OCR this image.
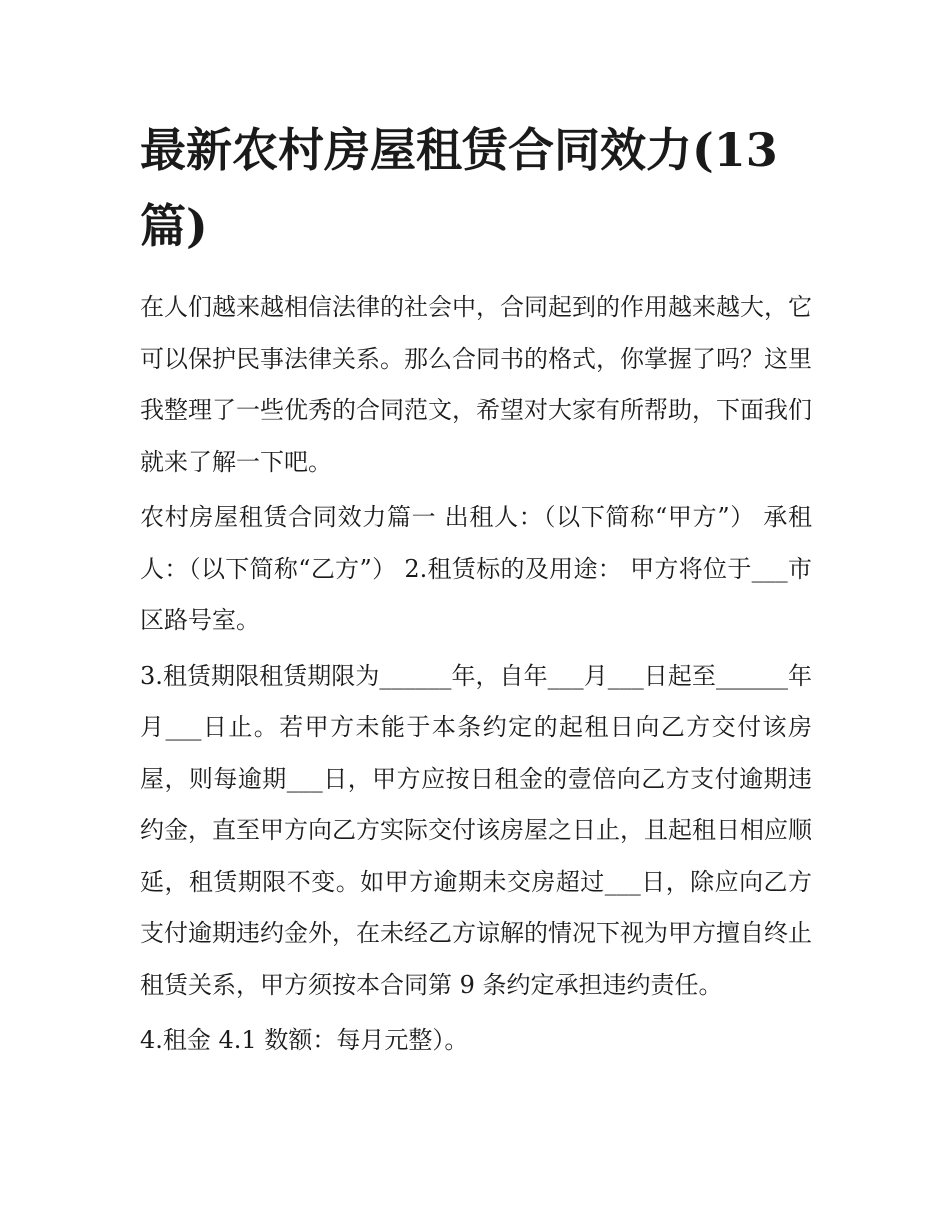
最新农村房屋租赁合同效力(13篇)

在人们越来越相信法律的社会中，合同起到的作用越来越大，它可以保护民事法律关系。那么合同书的格式，你掌握了吗？这里我整理了一些优秀的合同范文，希望对大家有所帮助，下面我们就来了解一下吧。

农村房屋租赁合同效力篇一 出租人：（以下简称“甲方”） 承租人：（以下简称“乙方”） 2.租赁标的及用途： 甲方将位于___市区路号室。

3.租赁期限租赁期限为______年，自年___月___日起至______年月___日止。若甲方未能于本条约定的起租日向乙方交付该房屋，则每逾期___日，甲方应按日租金的壹倍向乙方支付逾期违约金，直至甲方向乙方实际交付该房屋之日止，且起租日相应顺延，租赁期限不变。如甲方逾期未交房超过___日，除应向乙方支付逾期违约金外，在未经乙方谅解的情况下视为甲方擅自终止租赁关系，甲方须按本合同第 9 条约定承担违约责任。

4.租金 4.1 数额：每月元整）。
